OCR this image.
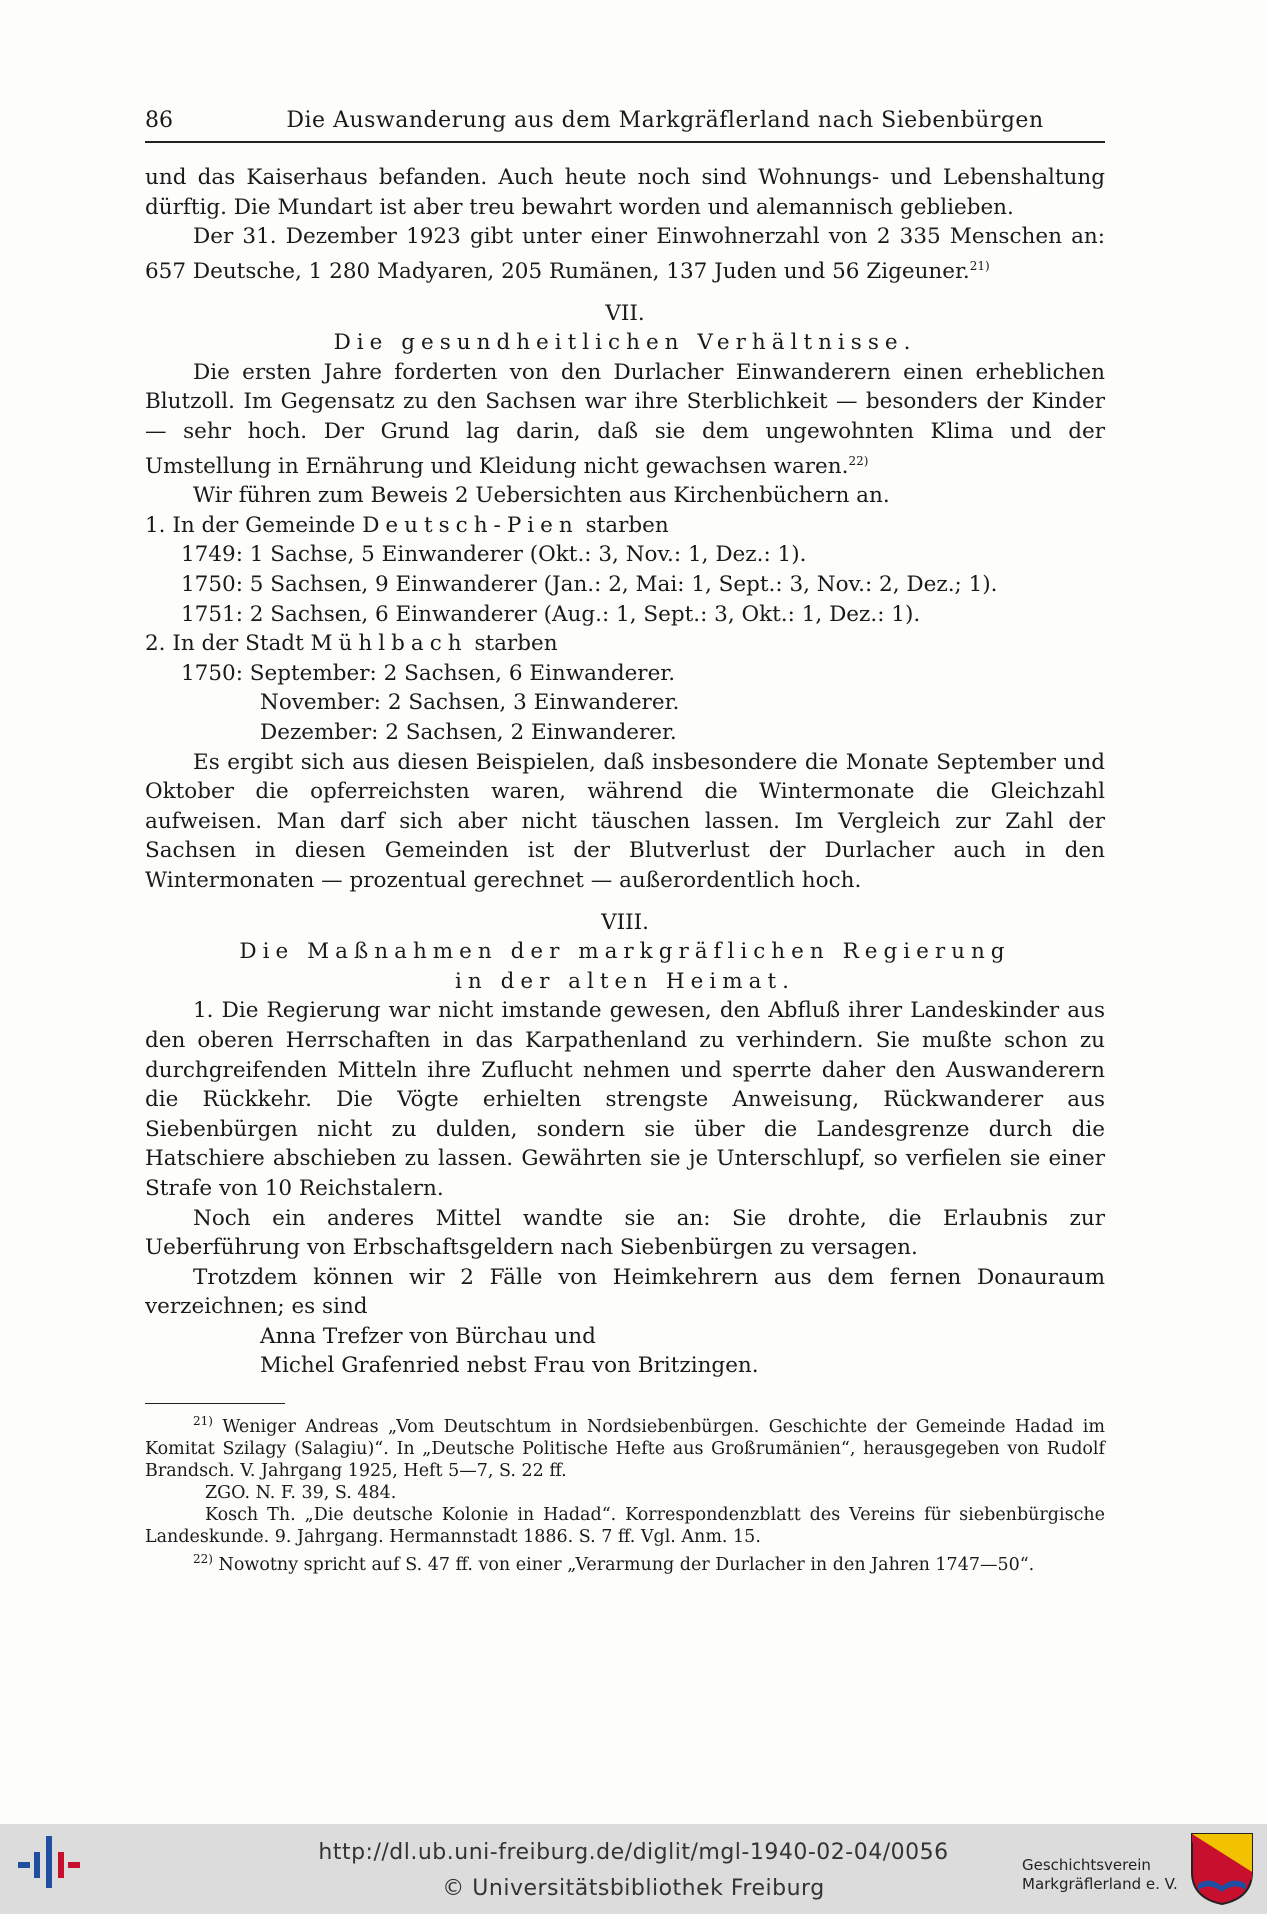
86	Die Auswanderung aus dem Markgräflerland nach Siebenbürgen

und das Kaiserhaus befanden. Auch heute noch sind Wohnungs- und Lebenshaltung dürftig. Die Mundart ist aber treu bewahrt worden und alemannisch geblieben.

Der 31. Dezember 1923 gibt unter einer Einwohnerzahl von 2 335 Menschen an: 657 Deutsche, 1 280 Madyaren, 205 Rumänen, 137 Juden und 56 Zigeuner.$^{21)}$

VII.

Die gesundheitlichen Verhältnisse.

Die ersten Jahre forderten von den Durlacher Einwanderern einen erheblichen Blutzoll. Im Gegensatz zu den Sachsen war ihre Sterblichkeit — besonders der Kinder — sehr hoch. Der Grund lag darin, daß sie dem ungewohnten Klima und der Umstellung in Ernährung und Kleidung nicht gewachsen waren.$^{22)}$

Wir führen zum Beweis 2 Uebersichten aus Kirchenbüchern an.

1. In der Gemeinde Deutsch-Pien starben

1749: 1 Sachse, 5 Einwanderer (Okt.: 3, Nov.: 1, Dez.: 1).

1750: 5 Sachsen, 9 Einwanderer (Jan.: 2, Mai: 1, Sept.: 3, Nov.: 2, Dez.; 1).

1751: 2 Sachsen, 6 Einwanderer (Aug.: 1, Sept.: 3, Okt.: 1, Dez.: 1).

2. In der Stadt Mühlbach starben

1750: September: 2 Sachsen, 6 Einwanderer.

November: 2 Sachsen, 3 Einwanderer.

Dezember: 2 Sachsen, 2 Einwanderer.

Es ergibt sich aus diesen Beispielen, daß insbesondere die Monate September und Oktober die opferreichsten waren, während die Wintermonate die Gleichzahl aufweisen. Man darf sich aber nicht täuschen lassen. Im Vergleich zur Zahl der Sachsen in diesen Gemeinden ist der Blutverlust der Durlacher auch in den Wintermonaten — prozentual gerechnet — außerordentlich hoch.

VIII.

Die Maßnahmen der markgräflichen Regierung

in der alten Heimat.

1. Die Regierung war nicht imstande gewesen, den Abfluß ihrer Landeskinder aus den oberen Herrschaften in das Karpathenland zu verhindern. Sie mußte schon zu durchgreifenden Mitteln ihre Zuflucht nehmen und sperrte daher den Auswanderern die Rückkehr. Die Vögte erhielten strengste Anweisung, Rückwanderer aus Siebenbürgen nicht zu dulden, sondern sie über die Landesgrenze durch die Hatschiere abschieben zu lassen. Gewährten sie je Unterschlupf, so verfielen sie einer Strafe von 10 Reichstalern.

Noch ein anderes Mittel wandte sie an: Sie drohte, die Erlaubnis zur Ueberführung von Erbschaftsgeldern nach Siebenbürgen zu versagen.

Trotzdem können wir 2 Fälle von Heimkehrern aus dem fernen Donauraum verzeichnen; es sind

Anna Trefzer von Bürchau und

Michel Grafenried nebst Frau von Britzingen.

$^{21)}$ Weniger Andreas „Vom Deutschtum in Nordsiebenbürgen. Geschichte der Gemeinde Hadad im Komitat Szilagy (Salagiu)“. In „Deutsche Politische Hefte aus Großrumänien“, herausgegeben von Rudolf Brandsch. V. Jahrgang 1925, Heft 5—7, S. 22 ff.

ZGO. N. F. 39, S. 484.

Kosch Th. „Die deutsche Kolonie in Hadad“. Korrespondenzblatt des Vereins für siebenbürgische Landeskunde. 9. Jahrgang. Hermannstadt 1886. S. 7 ff. Vgl. Anm. 15.

$^{22)}$ Nowotny spricht auf S. 47 ff. von einer „Verarmung der Durlacher in den Jahren 1747—50“.

http://dl.ub.uni-freiburg.de/diglit/mgl-1940-02-04/0056
© Universitätsbibliothek Freiburg
Geschichtsverein
Markgräflerland e. V.
